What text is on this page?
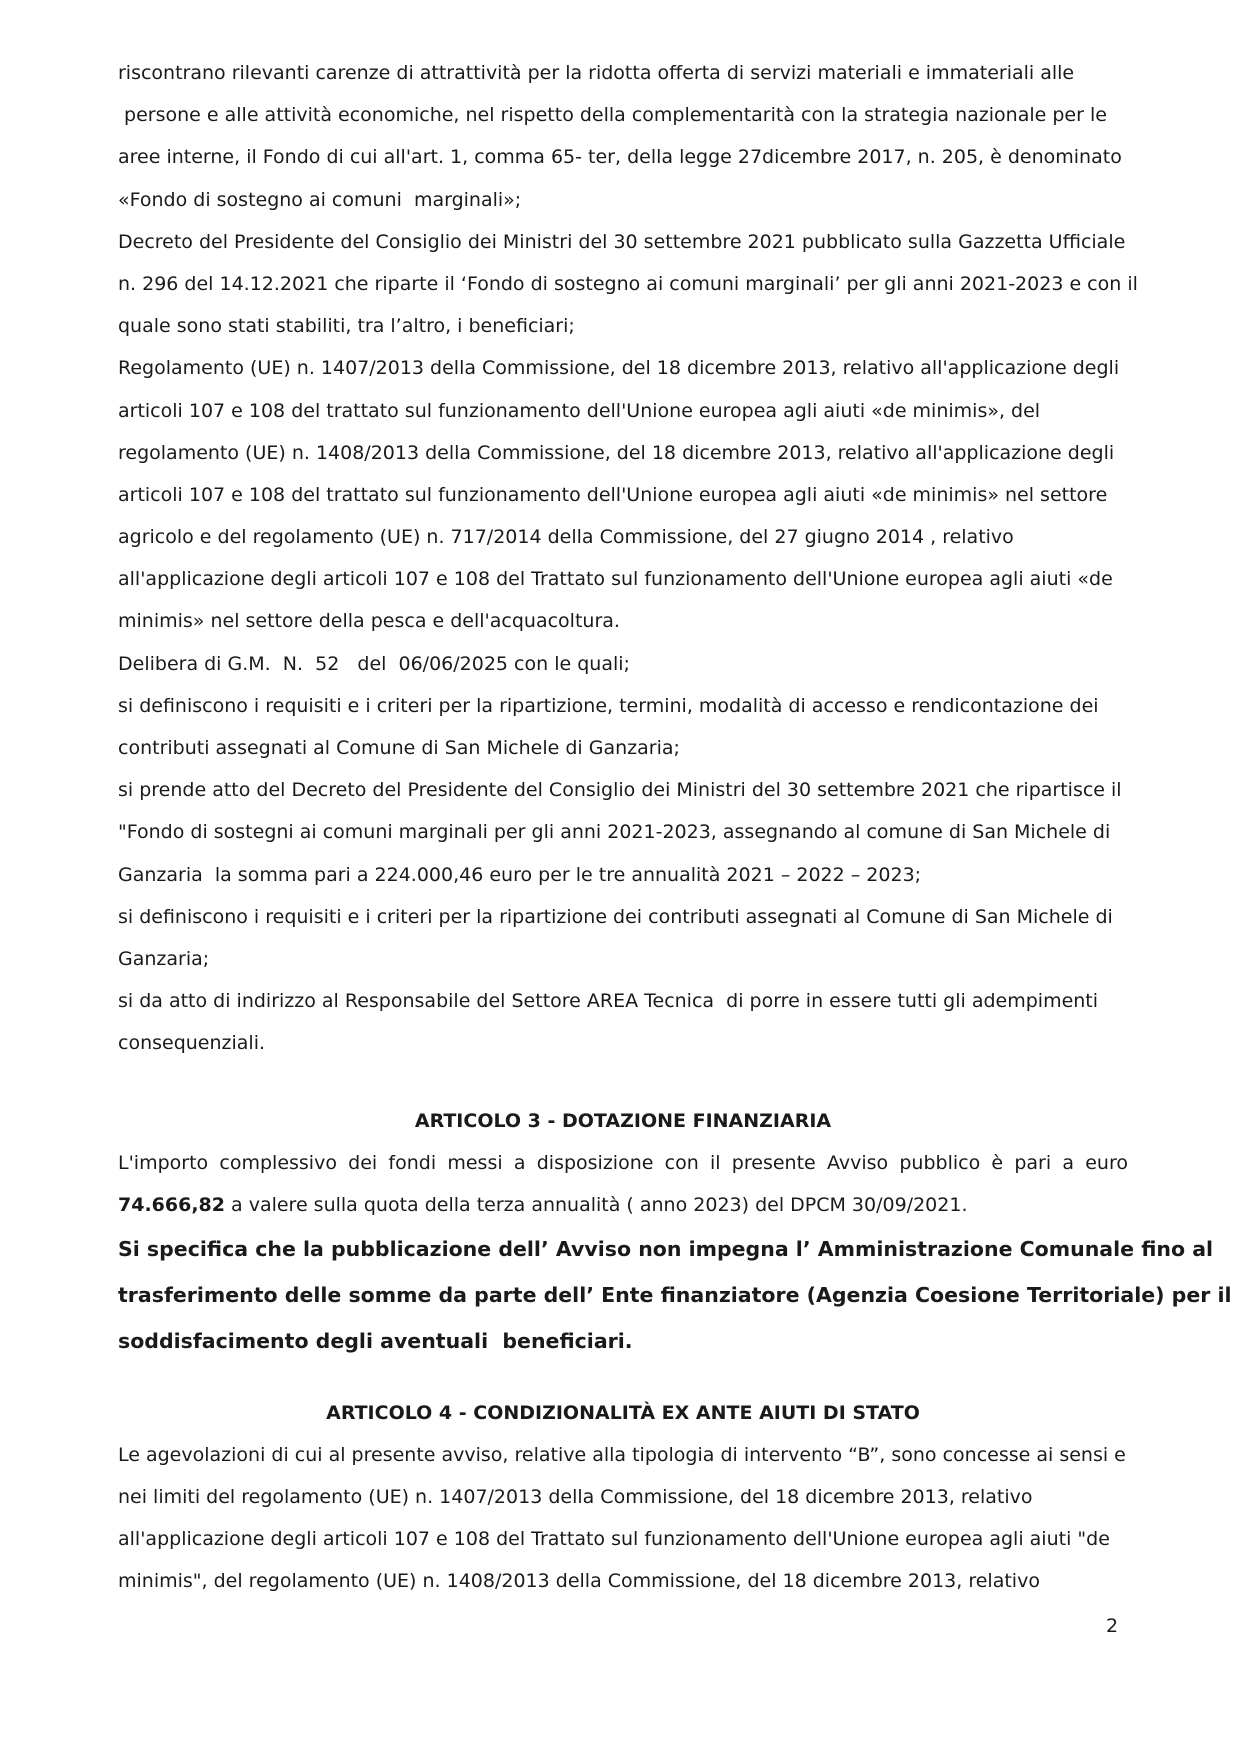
riscontrano rilevanti carenze di attrattività per la ridotta offerta di servizi materiali e immateriali alle
persone e alle attività economiche, nel rispetto della complementarità con la strategia nazionale per le
aree interne, il Fondo di cui all'art. 1, comma 65- ter, della legge 27dicembre 2017, n. 205, è denominato
«Fondo di sostegno ai comuni  marginali»;
Decreto del Presidente del Consiglio dei Ministri del 30 settembre 2021 pubblicato sulla Gazzetta Ufficiale
n. 296 del 14.12.2021 che riparte il ‘Fondo di sostegno ai comuni marginali’ per gli anni 2021-2023 e con il
quale sono stati stabiliti, tra l’altro, i beneficiari;
Regolamento (UE) n. 1407/2013 della Commissione, del 18 dicembre 2013, relativo all'applicazione degli
articoli 107 e 108 del trattato sul funzionamento dell'Unione europea agli aiuti «de minimis», del
regolamento (UE) n. 1408/2013 della Commissione, del 18 dicembre 2013, relativo all'applicazione degli
articoli 107 e 108 del trattato sul funzionamento dell'Unione europea agli aiuti «de minimis» nel settore
agricolo e del regolamento (UE) n. 717/2014 della Commissione, del 27 giugno 2014 , relativo
all'applicazione degli articoli 107 e 108 del Trattato sul funzionamento dell'Unione europea agli aiuti «de
minimis» nel settore della pesca e dell'acquacoltura.
Delibera di G.M.  N.  52   del  06/06/2025 con le quali;
si definiscono i requisiti e i criteri per la ripartizione, termini, modalità di accesso e rendicontazione dei
contributi assegnati al Comune di San Michele di Ganzaria;
si prende atto del Decreto del Presidente del Consiglio dei Ministri del 30 settembre 2021 che ripartisce il
"Fondo di sostegni ai comuni marginali per gli anni 2021-2023, assegnando al comune di San Michele di
Ganzaria  la somma pari a 224.000,46 euro per le tre annualità 2021 – 2022 – 2023;
si definiscono i requisiti e i criteri per la ripartizione dei contributi assegnati al Comune di San Michele di
Ganzaria;
si da atto di indirizzo al Responsabile del Settore AREA Tecnica  di porre in essere tutti gli adempimenti
consequenziali.
ARTICOLO 3 - DOTAZIONE FINANZIARIA
L'importo complessivo dei fondi messi a disposizione con il presente Avviso pubblico è pari a euro
74.666,82 a valere sulla quota della terza annualità ( anno 2023) del DPCM 30/09/2021.
Si specifica che la pubblicazione dell’ Avviso non impegna l’ Amministrazione Comunale fino al
trasferimento delle somme da parte dell’ Ente finanziatore (Agenzia Coesione Territoriale) per il
soddisfacimento degli aventuali  beneficiari.
ARTICOLO 4 - CONDIZIONALITÀ EX ANTE AIUTI DI STATO
Le agevolazioni di cui al presente avviso, relative alla tipologia di intervento “B”, sono concesse ai sensi e
nei limiti del regolamento (UE) n. 1407/2013 della Commissione, del 18 dicembre 2013, relativo
all'applicazione degli articoli 107 e 108 del Trattato sul funzionamento dell'Unione europea agli aiuti "de
minimis", del regolamento (UE) n. 1408/2013 della Commissione, del 18 dicembre 2013, relativo
2
